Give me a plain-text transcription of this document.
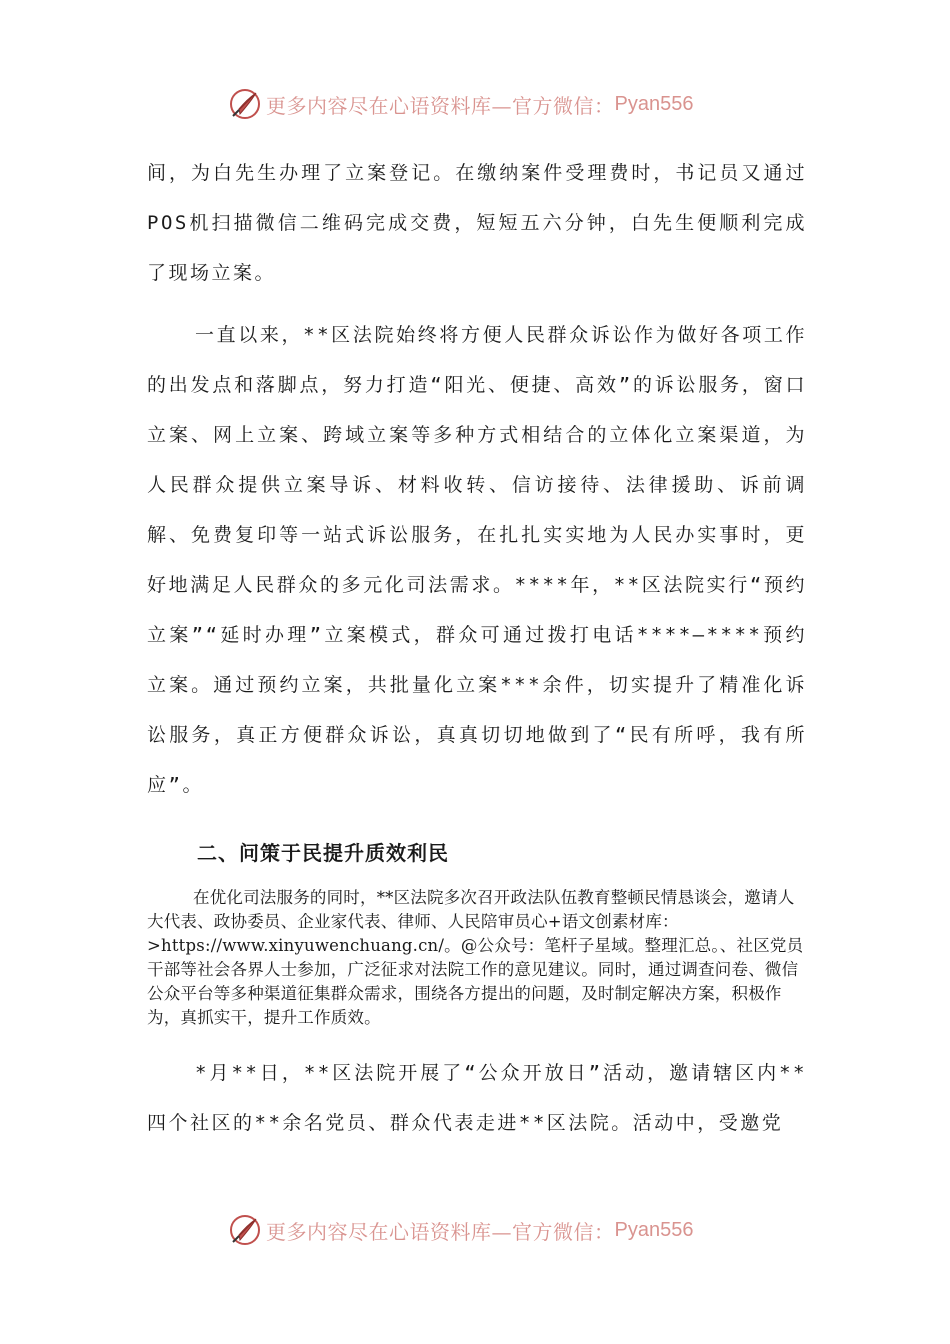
更多内容尽在心语资料库—官方微信： Pyan556

间，为白先生办理了立案登记。在缴纳案件受理费时，书记员又通过POS机扫描微信二维码完成交费，短短五六分钟，白先生便顺利完成了现场立案。

一直以来，**区法院始终将方便人民群众诉讼作为做好各项工作的出发点和落脚点，努力打造“阳光、便捷、高效”的诉讼服务，窗口立案、网上立案、跨域立案等多种方式相结合的立体化立案渠道，为人民群众提供立案导诉、材料收转、信访接待、法律援助、诉前调解、免费复印等一站式诉讼服务，在扎扎实实地为人民办实事时，更好地满足人民群众的多元化司法需求。****年，**区法院实行“预约立案”“延时办理”立案模式，群众可通过拨打电话****—****预约立案。通过预约立案，共批量化立案***余件，切实提升了精准化诉讼服务，真正方便群众诉讼，真真切切地做到了“民有所呼，我有所应”。

二、问策于民提升质效利民

在优化司法服务的同时，**区法院多次召开政法队伍教育整顿民情恳谈会，邀请人大代表、政协委员、企业家代表、律师、人民陪审员心+语文创素材库：>https://www.xinyuwenchuang.cn/。@公众号：笔杆子星域。整理汇总。、社区党员干部等社会各界人士参加，广泛征求对法院工作的意见建议。同时，通过调查问卷、微信公众平台等多种渠道征集群众需求，围绕各方提出的问题，及时制定解决方案，积极作为，真抓实干，提升工作质效。

*月**日，**区法院开展了“公众开放日”活动，邀请辖区内**四个社区的**余名党员、群众代表走进**区法院。活动中，受邀党

更多内容尽在心语资料库—官方微信： Pyan556
